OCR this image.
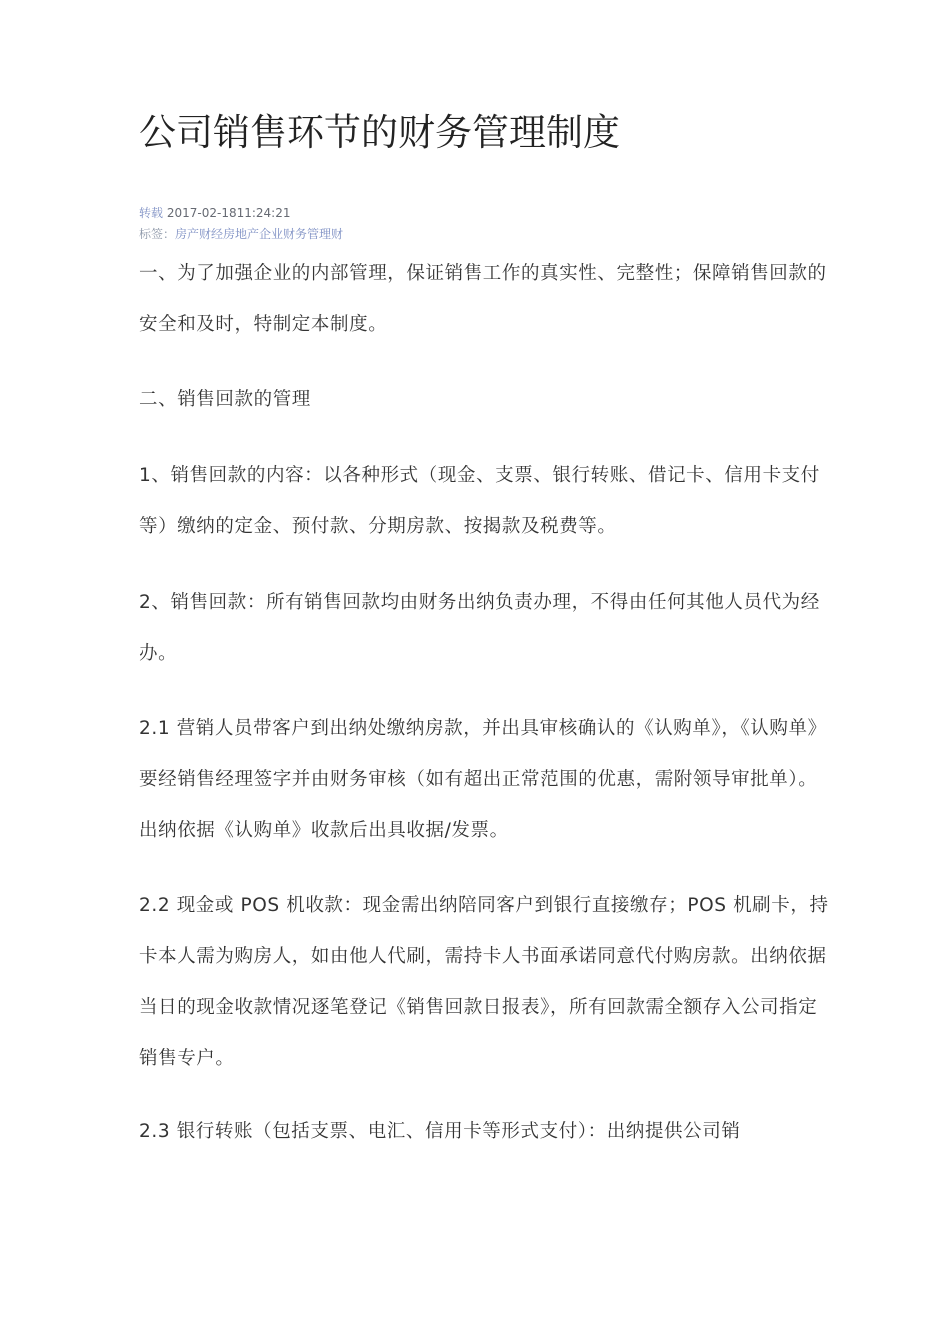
公司销售环节的财务管理制度
转载 2017-02-1811:24:21
标签：房产财经房地产企业财务管理财

一、为了加强企业的内部管理，保证销售工作的真实性、完整性；保障销售回款的安全和及时，特制定本制度。

二、销售回款的管理

1、销售回款的内容：以各种形式（现金、支票、银行转账、借记卡、信用卡支付等）缴纳的定金、预付款、分期房款、按揭款及税费等。

2、销售回款：所有销售回款均由财务出纳负责办理，不得由任何其他人员代为经办。

2.1 营销人员带客户到出纳处缴纳房款，并出具审核确认的《认购单》，《认购单》要经销售经理签字并由财务审核（如有超出正常范围的优惠，需附领导审批单）。出纳依据《认购单》收款后出具收据/发票。

2.2 现金或 POS 机收款：现金需出纳陪同客户到银行直接缴存；POS 机刷卡，持卡本人需为购房人，如由他人代刷，需持卡人书面承诺同意代付购房款。出纳依据当日的现金收款情况逐笔登记《销售回款日报表》，所有回款需全额存入公司指定销售专户。

2.3 银行转账（包括支票、电汇、信用卡等形式支付）：出纳提供公司销
